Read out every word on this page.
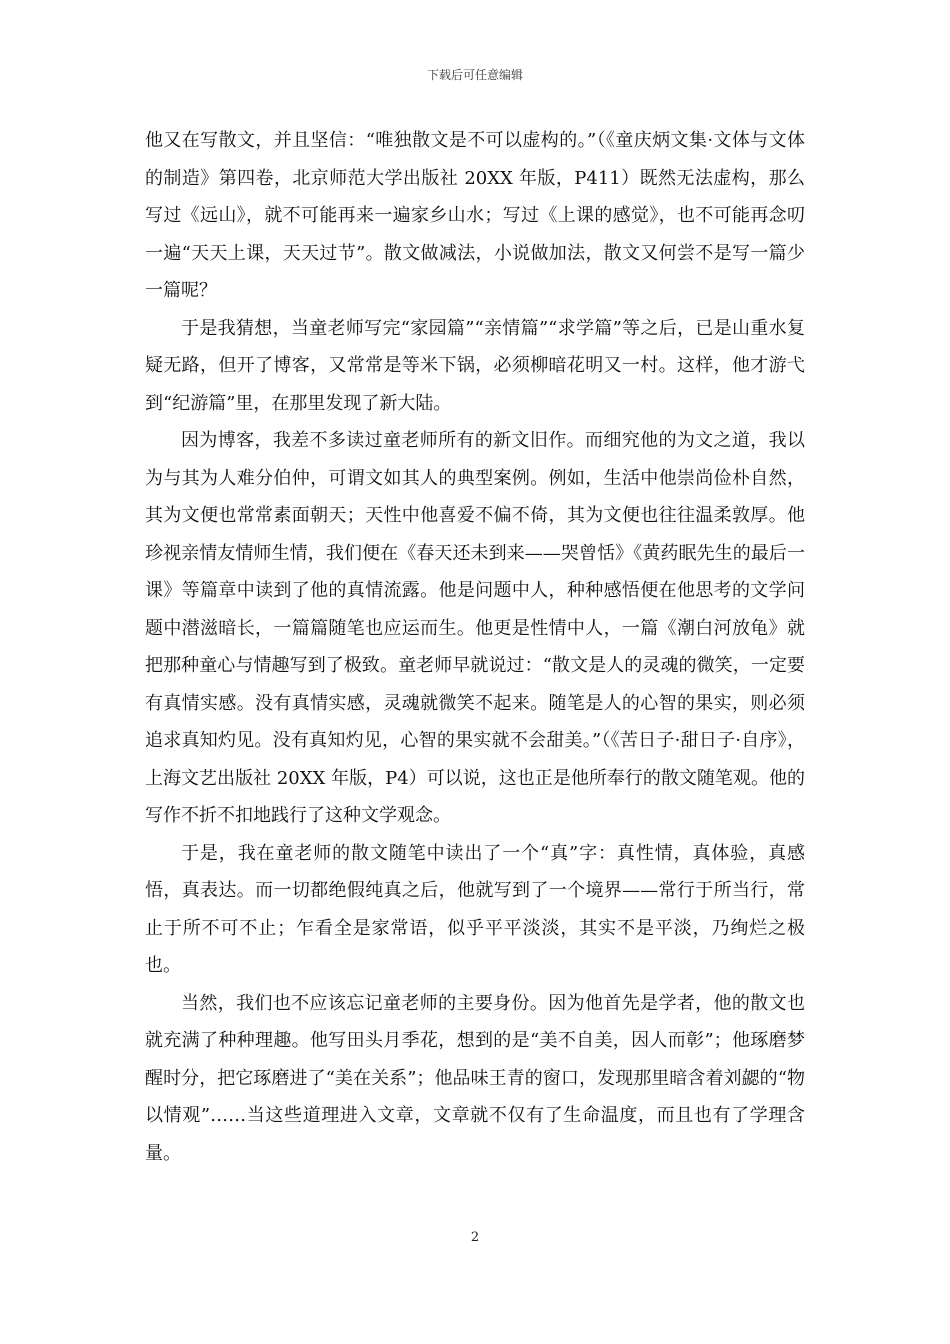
下载后可任意编辑

他又在写散文，并且坚信：“唯独散文是不可以虚构的。”（《童庆炳文集·文体与文体的制造》第四卷，北京师范大学出版社 20XX 年版，P411）既然无法虚构，那么写过《远山》，就不可能再来一遍家乡山水；写过《上课的感觉》，也不可能再念叨一遍“天天上课，天天过节”。散文做减法，小说做加法，散文又何尝不是写一篇少一篇呢？

于是我猜想，当童老师写完“家园篇”“亲情篇”“求学篇”等之后，已是山重水复疑无路，但开了博客，又常常是等米下锅，必须柳暗花明又一村。这样，他才游弋到“纪游篇”里，在那里发现了新大陆。

因为博客，我差不多读过童老师所有的新文旧作。而细究他的为文之道，我以为与其为人难分伯仲，可谓文如其人的典型案例。例如，生活中他崇尚俭朴自然，其为文便也常常素面朝天；天性中他喜爱不偏不倚，其为文便也往往温柔敦厚。他珍视亲情友情师生情，我们便在《春天还未到来——哭曾恬》《黄药眠先生的最后一课》等篇章中读到了他的真情流露。他是问题中人，种种感悟便在他思考的文学问题中潜滋暗长，一篇篇随笔也应运而生。他更是性情中人，一篇《潮白河放龟》就把那种童心与情趣写到了极致。童老师早就说过：“散文是人的灵魂的微笑，一定要有真情实感。没有真情实感，灵魂就微笑不起来。随笔是人的心智的果实，则必须追求真知灼见。没有真知灼见，心智的果实就不会甜美。”（《苦日子·甜日子·自序》，上海文艺出版社 20XX 年版，P4）可以说，这也正是他所奉行的散文随笔观。他的写作不折不扣地践行了这种文学观念。

于是，我在童老师的散文随笔中读出了一个“真”字：真性情，真体验，真感悟，真表达。而一切都绝假纯真之后，他就写到了一个境界——常行于所当行，常止于所不可不止；乍看全是家常语，似乎平平淡淡，其实不是平淡，乃绚烂之极也。

当然，我们也不应该忘记童老师的主要身份。因为他首先是学者，他的散文也就充满了种种理趣。他写田头月季花，想到的是“美不自美，因人而彰”；他琢磨梦醒时分，把它琢磨进了“美在关系”；他品味王青的窗口，发现那里暗含着刘勰的“物以情观”……当这些道理进入文章，文章就不仅有了生命温度，而且也有了学理含量。

2
